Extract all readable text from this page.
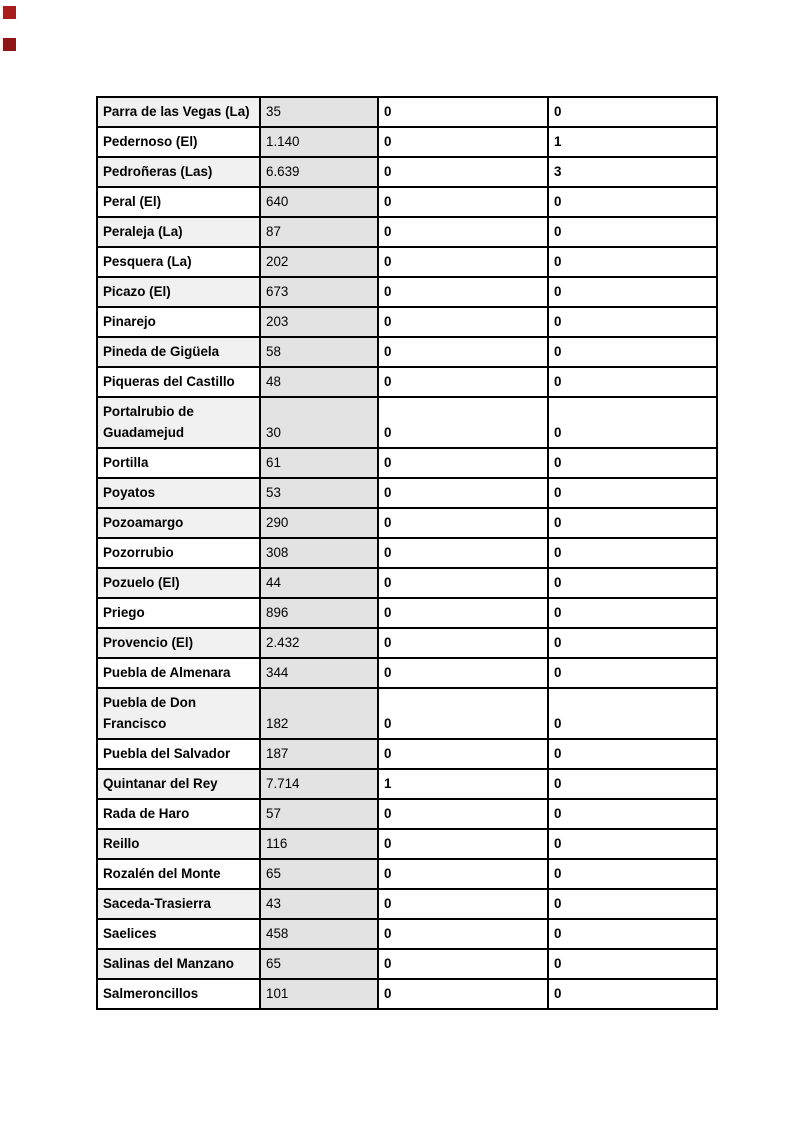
Parra de las Vegas (La)	35	0	0
Pedernoso (El)	1.140	0	1
Pedroñeras (Las)	6.639	0	3
Peral (El)	640	0	0
Peraleja (La)	87	0	0
Pesquera (La)	202	0	0
Picazo (El)	673	0	0
Pinarejo	203	0	0
Pineda de Gigüela	58	0	0
Piqueras del Castillo	48	0	0
Portalrubio de Guadamejud	30	0	0
Portilla	61	0	0
Poyatos	53	0	0
Pozoamargo	290	0	0
Pozorrubio	308	0	0
Pozuelo (El)	44	0	0
Priego	896	0	0
Provencio (El)	2.432	0	0
Puebla de Almenara	344	0	0
Puebla de Don Francisco	182	0	0
Puebla del Salvador	187	0	0
Quintanar del Rey	7.714	1	0
Rada de Haro	57	0	0
Reillo	116	0	0
Rozalén del Monte	65	0	0
Saceda-Trasierra	43	0	0
Saelices	458	0	0
Salinas del Manzano	65	0	0
Salmeroncillos	101	0	0
